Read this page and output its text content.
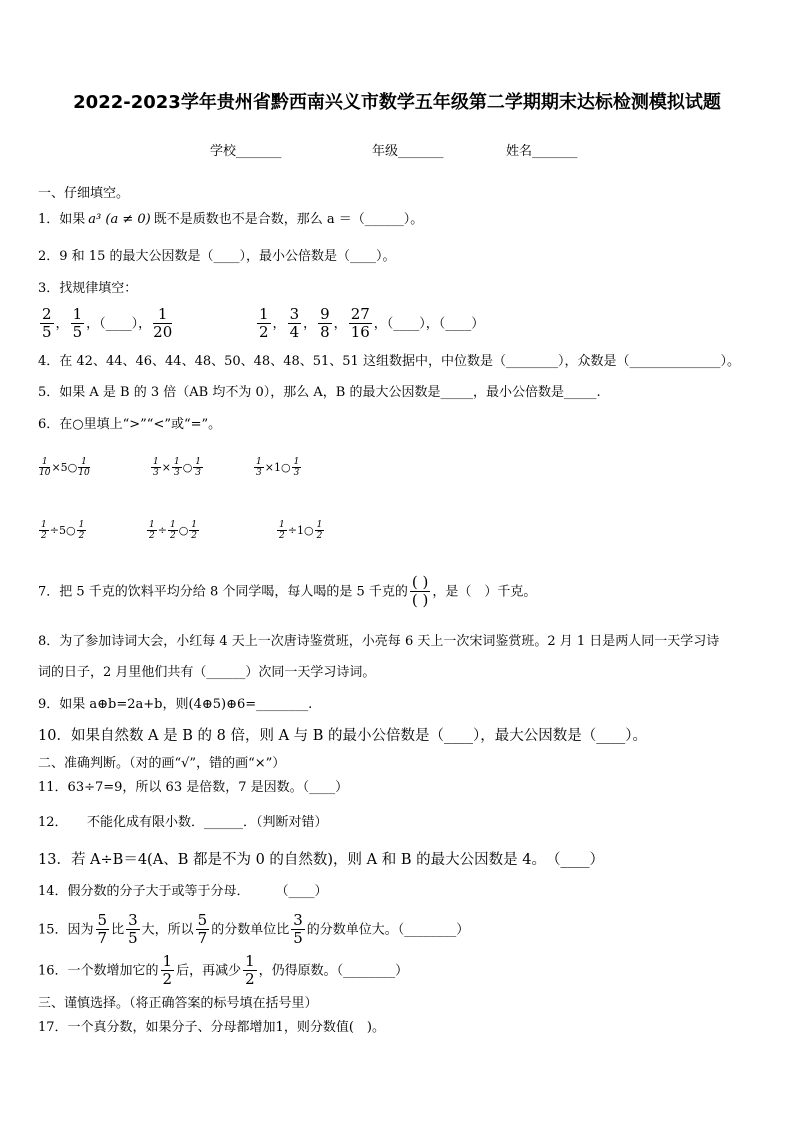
2022-2023学年贵州省黔西南兴义市数学五年级第二学期期末达标检测模拟试题
学校_______	年级_______	姓名_______
一、仔细填空。
1．如果 a³ (a ≠ 0) 既不是质数也不是合数，那么 a ＝（______）。
2．9 和 15 的最大公因数是（____），最小公倍数是（____）。
3．找规律填空：
$\frac{2}{5}$ ， $\frac{1}{5}$ ，（____）， $\frac{1}{20}$	$\frac{1}{2}$ ， $\frac{3}{4}$ ， $\frac{9}{8}$ ， $\frac{27}{16}$ ，（____），（____）
4．在 42、44、46、44、48、50、48、48、51、51 这组数据中，中位数是（________），众数是（______________）。
5．如果 A 是 B 的 3 倍（AB 均不为 0），那么 A，B 的最大公因数是_____，最小公倍数是_____.
6．在○里填上“>”“<”或“=”。
$\frac{1}{10}$ ×5○ $\frac{1}{10}$	$\frac{1}{3} \times \frac{1}{3}$ ○ $\frac{1}{3}$	$\frac{1}{3}$ ×1○ $\frac{1}{3}$
$\frac{1}{2}$ ÷5○ $\frac{1}{2}$	$\frac{1}{2} \div \frac{1}{2}$ ○ $\frac{1}{2}$	$\frac{1}{2}$ ÷1○ $\frac{1}{2}$
7．把 5 千克的饮料平均分给 8 个同学喝，每人喝的是 5 千克的 $\frac{( )}{( )}$ ，是（　）千克。
8．为了参加诗词大会，小红每 4 天上一次唐诗鉴赏班，小亮每 6 天上一次宋词鉴赏班。2 月 1 日是两人同一天学习诗
词的日子，2 月里他们共有（______）次同一天学习诗词。
9．如果 a⊕b=2a+b，则(4⊕5)⊕6=________.
10．如果自然数 A 是 B 的 8 倍，则 A 与 B 的最小公倍数是（____），最大公因数是（____）。
二、准确判断。（对的画“√”，错的画“×”）
11．63÷7=9，所以 63 是倍数，7 是因数。（____）
12．　　不能化成有限小数．______．（判断对错）
13．若 A÷B＝4(A、B 都是不为 0 的自然数)，则 A 和 B 的最大公因数是 4。　（____）
14．假分数的分子大于或等于分母．　　　（____）
15．因为 $\frac{5}{7}$ 比 $\frac{3}{5}$ 大，所以 $\frac{5}{7}$ 的分数单位比 $\frac{3}{5}$ 的分数单位大。（________）
16．一个数增加它的 $\frac{1}{2}$ 后，再减少 $\frac{1}{2}$ ，仍得原数。（________）
三、谨慎选择。（将正确答案的标号填在括号里）
17．一个真分数，如果分子、分母都增加1，则分数值(　)。
